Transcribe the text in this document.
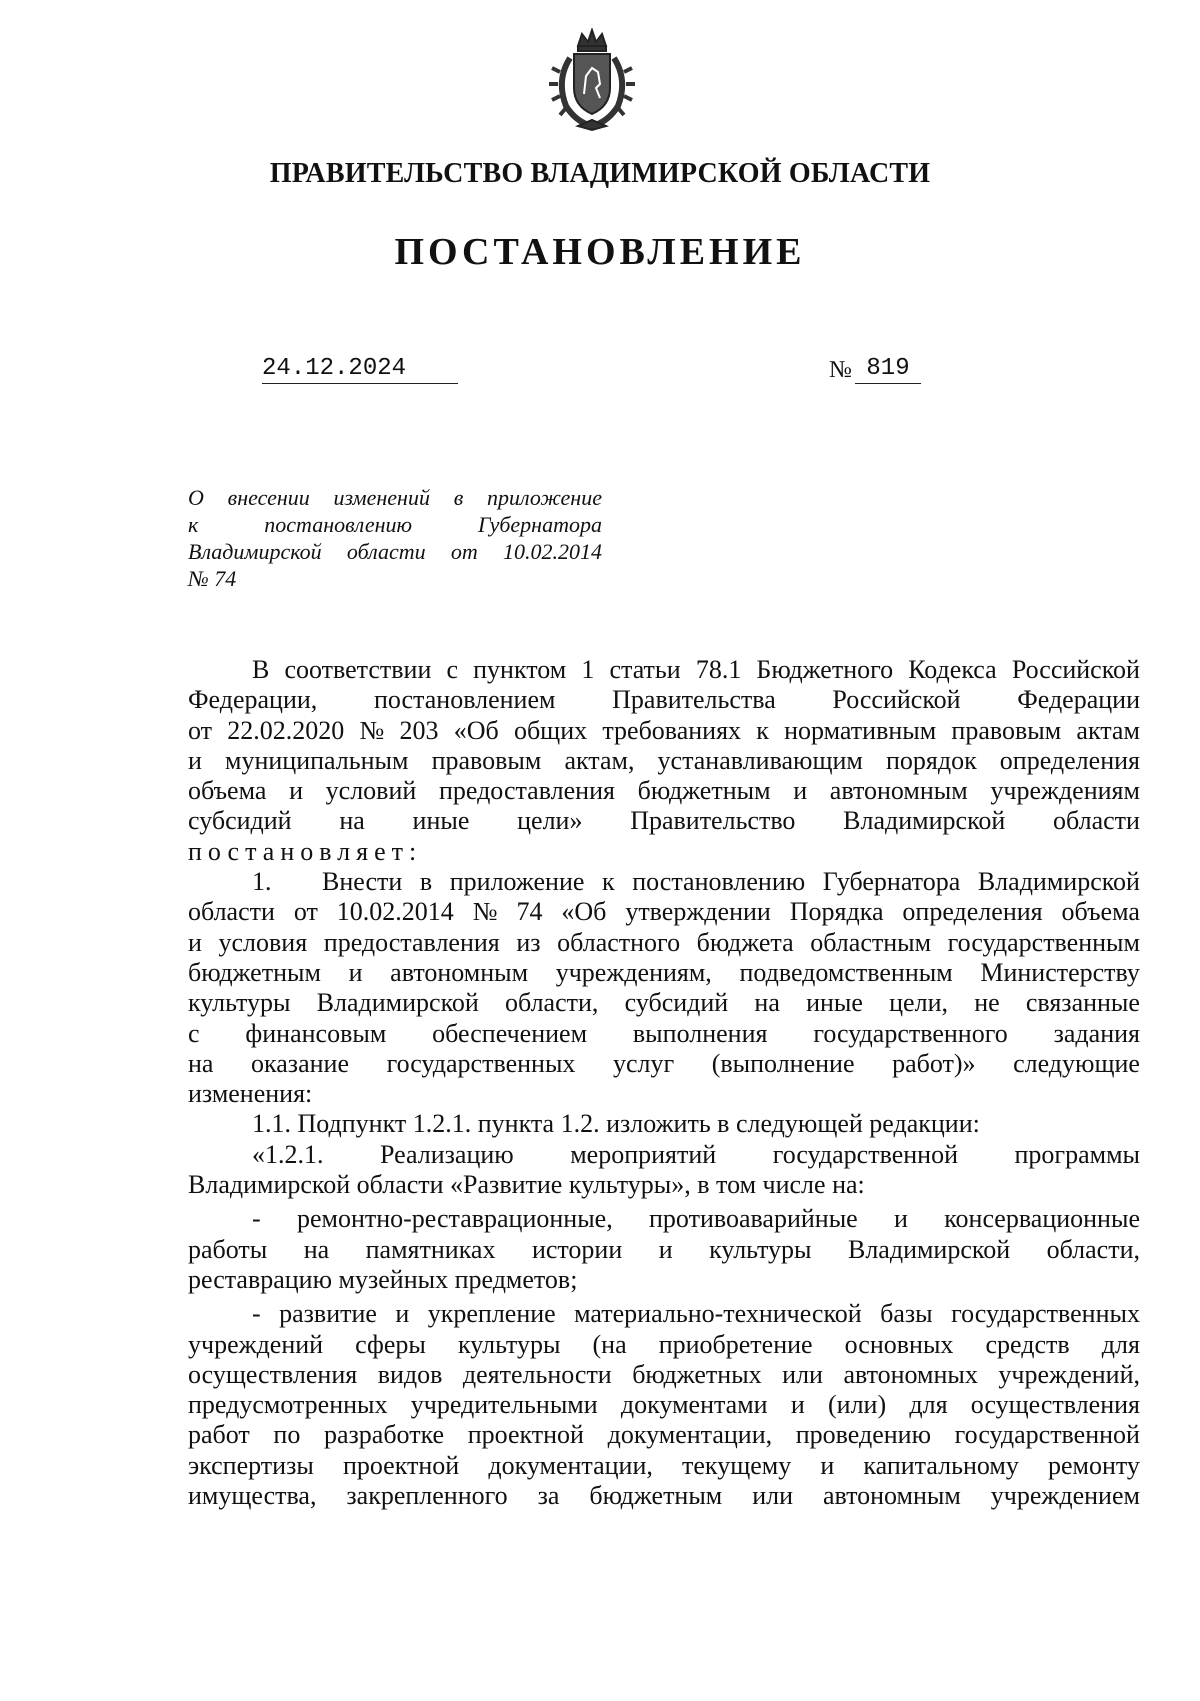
ПРАВИТЕЛЬСТВО ВЛАДИМИРСКОЙ ОБЛАСТИ
ПОСТАНОВЛЕНИЕ
24.12.2024	№ 819
О внесении изменений в приложение
к	постановлению	Губернатора
Владимирской области от 10.02.2014
№ 74
В соответствии с пунктом 1 статьи 78.1 Бюджетного Кодекса Российской
Федерации, постановлением Правительства Российской Федерации
от 22.02.2020 № 203 «Об общих требованиях к нормативным правовым актам
и муниципальным правовым актам, устанавливающим порядок определения
объема и условий предоставления бюджетным и автономным учреждениям
субсидий на иные цели» Правительство Владимирской области
постановляет:
1.	Внести в приложение к постановлению Губернатора Владимирской
области от 10.02.2014 № 74 «Об утверждении Порядка определения объема
и условия предоставления из областного бюджета областным государственным
бюджетным и автономным учреждениям, подведомственным Министерству
культуры Владимирской области, субсидий на иные цели, не связанные
с финансовым обеспечением выполнения государственного задания
на оказание государственных услуг (выполнение работ)» следующие
изменения:
1.1. Подпункт 1.2.1. пункта 1.2. изложить в следующей редакции:
«1.2.1. Реализацию мероприятий государственной программы
Владимирской области «Развитие культуры», в том числе на:
- ремонтно-реставрационные, противоаварийные и консервационные
работы на памятниках истории и культуры Владимирской области,
реставрацию музейных предметов;
- развитие и укрепление материально-технической базы государственных
учреждений сферы культуры (на приобретение основных средств для
осуществления видов деятельности бюджетных или автономных учреждений,
предусмотренных учредительными документами и (или) для осуществления
работ по разработке проектной документации, проведению государственной
экспертизы проектной документации, текущему и капитальному ремонту
имущества, закрепленного за бюджетным или автономным учреждением
